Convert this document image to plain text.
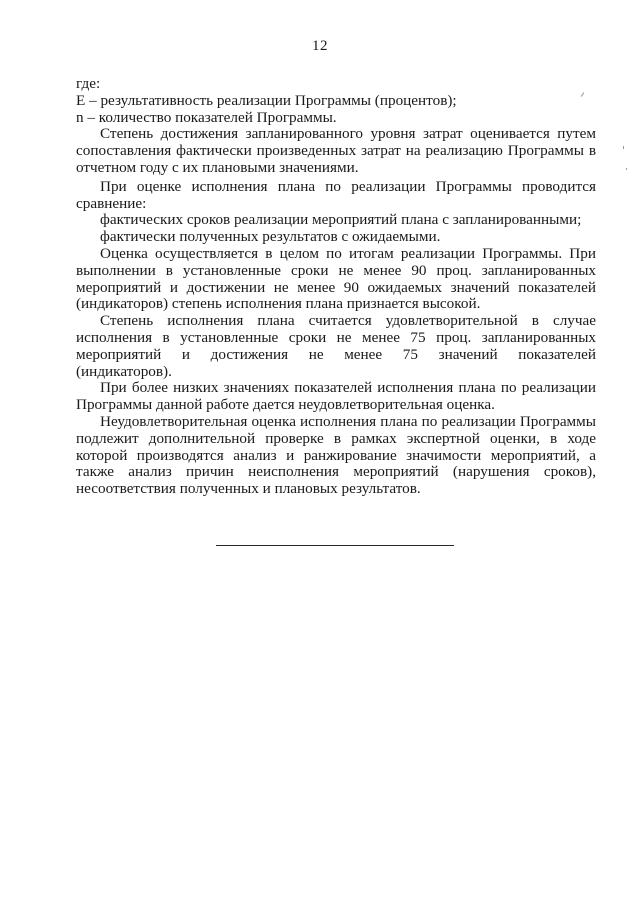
12
где:
E – результативность реализации Программы (процентов);
n – количество показателей Программы.
Степень достижения запланированного уровня затрат оценивается путем
сопоставления фактически произведенных затрат на реализацию Программы в
отчетном году с их плановыми значениями.
При оценке исполнения плана по реализации Программы проводится
сравнение:
фактических сроков реализации мероприятий плана с запланированными;
фактически полученных результатов с ожидаемыми.
Оценка осуществляется в целом по итогам реализации Программы. При
выполнении в установленные сроки не менее 90 проц. запланированных
мероприятий и достижении не менее 90 ожидаемых значений показателей
(индикаторов) степень исполнения плана признается высокой.
Степень исполнения плана считается удовлетворительной в случае
исполнения в установленные сроки не менее 75 проц. запланированных
мероприятий и достижения не менее 75 значений показателей
(индикаторов).
При более низких значениях показателей исполнения плана по реализации
Программы данной работе дается неудовлетворительная оценка.
Неудовлетворительная оценка исполнения плана по реализации Программы
подлежит дополнительной проверке в рамках экспертной оценки, в ходе
которой производятся анализ и ранжирование значимости мероприятий, а
также анализ причин неисполнения мероприятий (нарушения сроков),
несоответствия полученных и плановых результатов.
